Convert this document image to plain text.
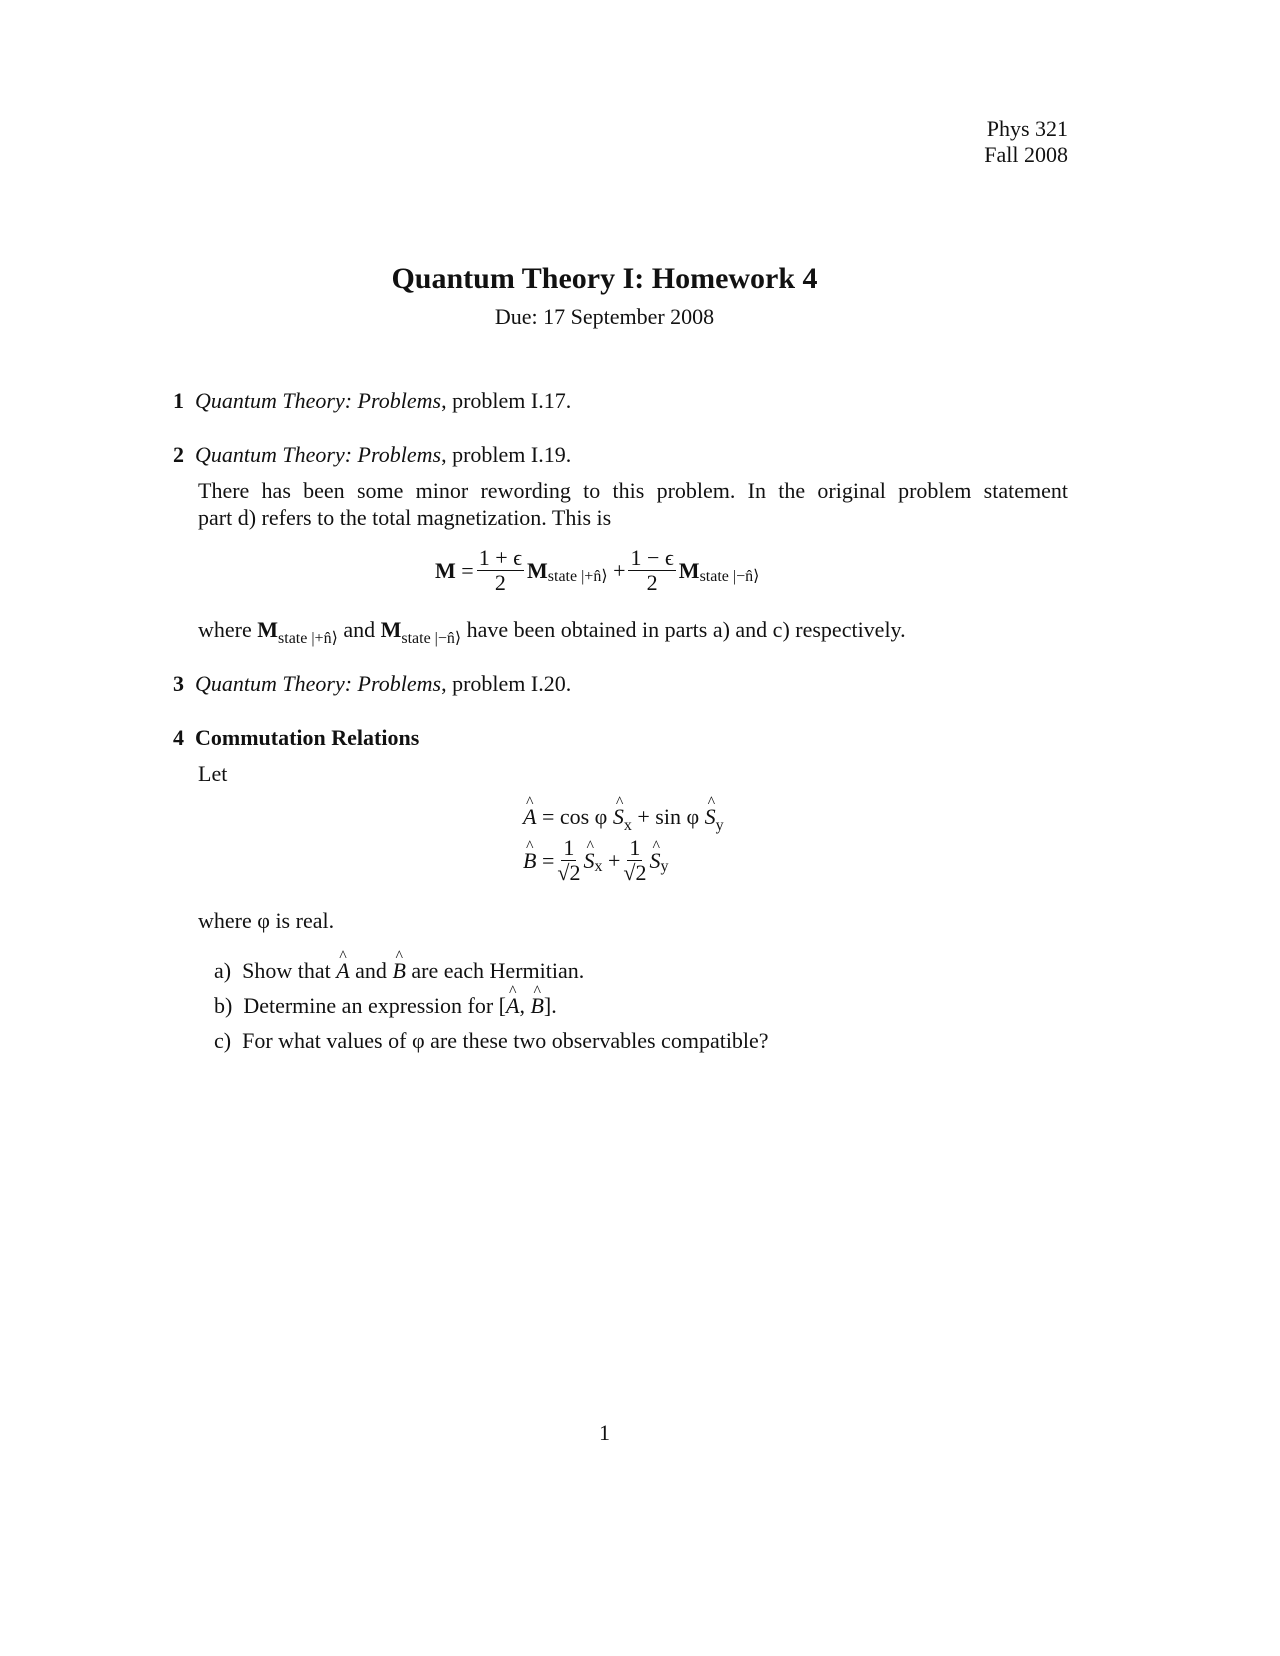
Phys 321
Fall 2008
Quantum Theory I: Homework 4
Due: 17 September 2008
1 Quantum Theory: Problems, problem I.17.
2 Quantum Theory: Problems, problem I.19.
There has been some minor rewording to this problem. In the original problem statement
part d) refers to the total magnetization. This is
M
= $\frac{1 + \epsilon}{2}$ M state |+n̂⟩
+ $\frac{1 - \epsilon}{2}$ M state |−n̂⟩
where $M_{state |+n̂⟩}$ and $M_{state |-n̂⟩}$ have been obtained in parts a) and c) respectively.
3 Quantum Theory: Problems, problem I.20.
4 Commutation Relations
Let
^ A = cos φ ^ $S_x + \sin \varphi$ ^ $S_y$
^ B
= $\frac{1}{√2}$ ^ S x
+ $\frac{1}{√2}$ ^ S y
where φ is real.
a) Show that ^ A and ^ B are each Hermitian.
b) Determine an expression for [^ A, ^ B].
c) For what values of φ are these two observables compatible?
1
